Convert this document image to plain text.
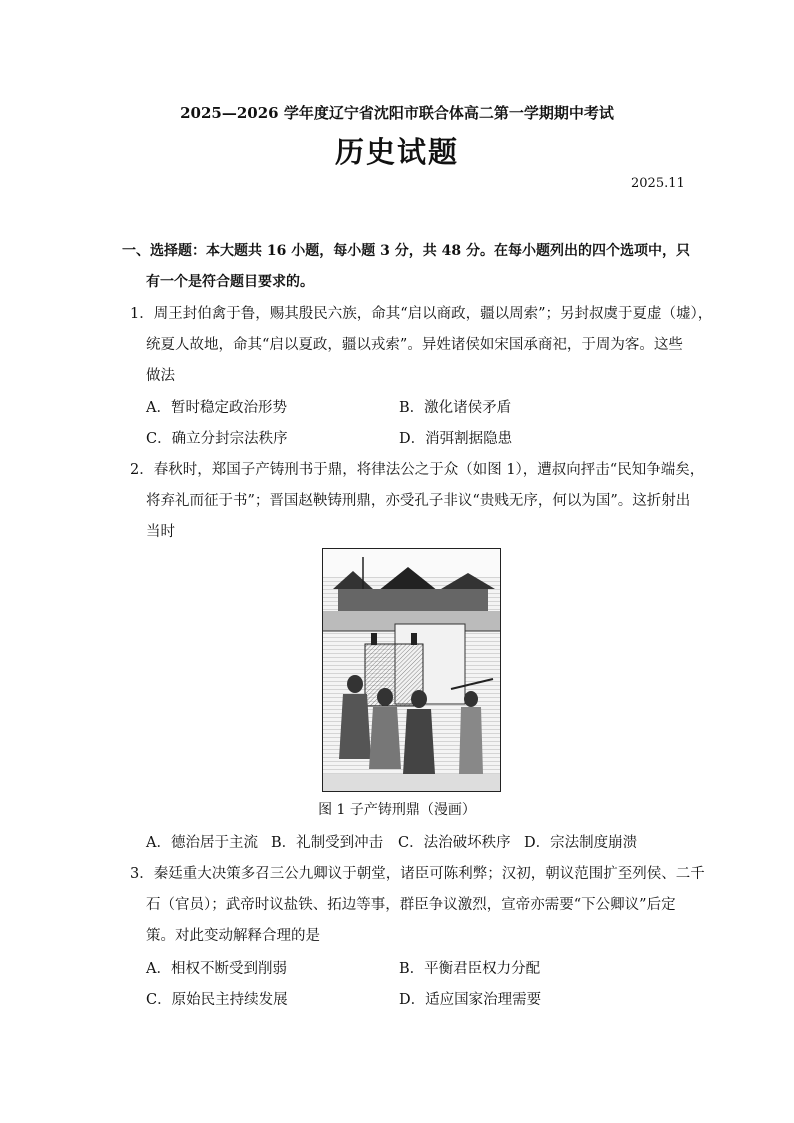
2025—2026 学年度辽宁省沈阳市联合体高二第一学期期中考试
历史试题
2025.11
一、选择题：本大题共 16 小题，每小题 3 分，共 48 分。在每小题列出的四个选项中，只
有一个是符合题目要求的。
1．周王封伯禽于鲁，赐其殷民六族，命其“启以商政，疆以周索”；另封叔虞于夏虚（墟），
统夏人故地，命其“启以夏政，疆以戎索”。异姓诸侯如宋国承商祀，于周为客。这些
做法
A．暂时稳定政治形势	B．激化诸侯矛盾
C．确立分封宗法秩序	D．消弭割据隐患
2．春秋时，郑国子产铸刑书于鼎，将律法公之于众（如图 1），遭叔向抨击“民知争端矣，
将弃礼而征于书”；晋国赵鞅铸刑鼎，亦受孔子非议“贵贱无序，何以为国”。这折射出
当时
图 1 子产铸刑鼎（漫画）
A．德治居于主流 B．礼制受到冲击 C．法治破坏秩序 D．宗法制度崩溃
3．秦廷重大决策多召三公九卿议于朝堂，诸臣可陈利弊；汉初，朝议范围扩至列侯、二千
石（官员）；武帝时议盐铁、拓边等事，群臣争议激烈，宣帝亦需要“下公卿议”后定
策。对此变动解释合理的是
A．相权不断受到削弱	B．平衡君臣权力分配
C．原始民主持续发展	D．适应国家治理需要
